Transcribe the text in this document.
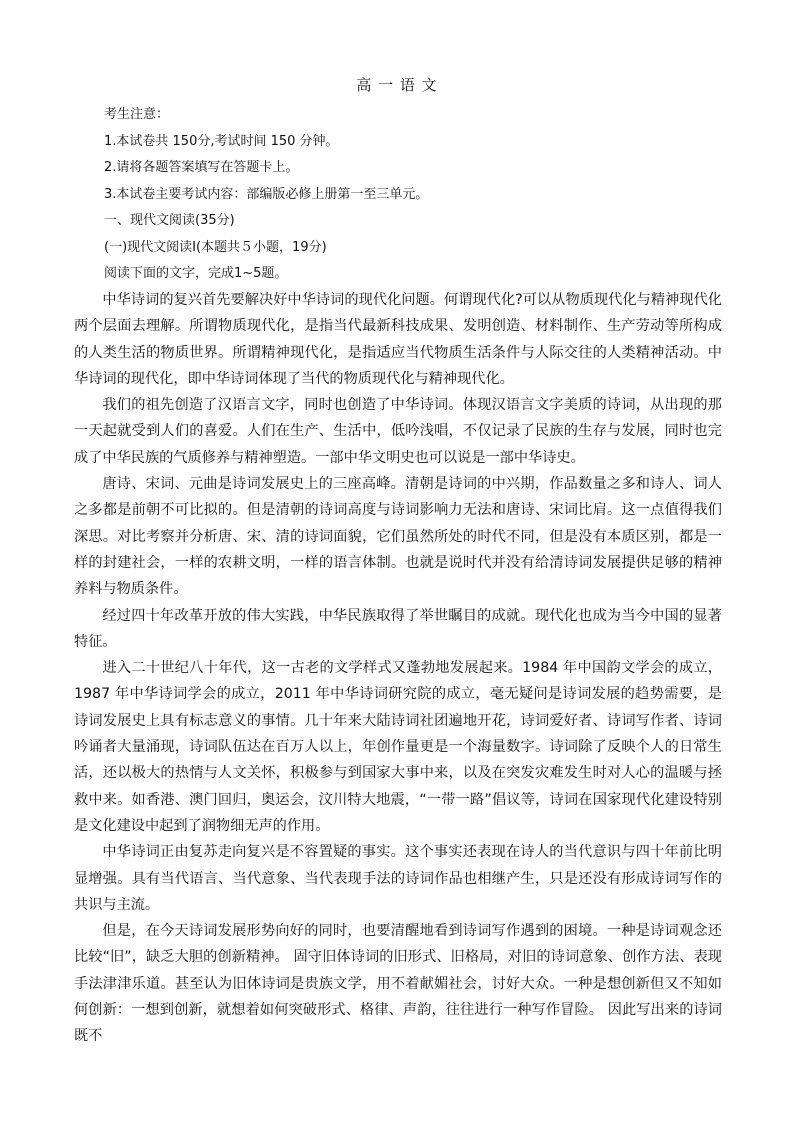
高 一 语 文
考生注意：
1.本试卷共 150分,考试时间 150 分钟。
2.请将各题答案填写在答题卡上。
3.本试卷主要考试内容：部编版必修上册第一至三单元。
一、现代文阅读(35分)
(一)现代文阅读Ⅰ(本题共５小题，19分)
阅读下面的文字，完成1~5题。

中华诗词的复兴首先要解决好中华诗词的现代化问题。何谓现代化?可以从物质现代化与精神现代化两个层面去理解。所谓物质现代化，是指当代最新科技成果、发明创造、材料制作、生产劳动等所构成的人类生活的物质世界。所谓精神现代化，是指适应当代物质生活条件与人际交往的人类精神活动。中华诗词的现代化，即中华诗词体现了当代的物质现代化与精神现代化。

我们的祖先创造了汉语言文字，同时也创造了中华诗词。体现汉语言文字美质的诗词，从出现的那一天起就受到人们的喜爱。人们在生产、生活中，低吟浅唱，不仅记录了民族的生存与发展，同时也完成了中华民族的气质修养与精神塑造。一部中华文明史也可以说是一部中华诗史。

唐诗、宋词、元曲是诗词发展史上的三座高峰。清朝是诗词的中兴期，作品数量之多和诗人、词人之多都是前朝不可比拟的。但是清朝的诗词高度与诗词影响力无法和唐诗、宋词比肩。这一点值得我们深思。对比考察并分析唐、宋、清的诗词面貌，它们虽然所处的时代不同，但是没有本质区别，都是一样的封建社会，一样的农耕文明，一样的语言体制。也就是说时代并没有给清诗词发展提供足够的精神养料与物质条件。

经过四十年改革开放的伟大实践，中华民族取得了举世瞩目的成就。现代化也成为当今中国的显著特征。

进入二十世纪八十年代，这一古老的文学样式又蓬勃地发展起来。1984 年中国韵文学会的成立，1987 年中华诗词学会的成立，2011 年中华诗词研究院的成立，毫无疑问是诗词发展的趋势需要，是诗词发展史上具有标志意义的事情。几十年来大陆诗词社团遍地开花，诗词爱好者、诗词写作者、诗词吟诵者大量涌现，诗词队伍达在百万人以上，年创作量更是一个海量数字。诗词除了反映个人的日常生活，还以极大的热情与人文关怀，积极参与到国家大事中来，以及在突发灾难发生时对人心的温暖与拯救中来。如香港、澳门回归，奥运会，汶川特大地震，“一带一路”倡议等，诗词在国家现代化建设特别是文化建设中起到了润物细无声的作用。

中华诗词正由复苏走向复兴是不容置疑的事实。这个事实还表现在诗人的当代意识与四十年前比明显增强。具有当代语言、当代意象、当代表现手法的诗词作品也相继产生，只是还没有形成诗词写作的共识与主流。

但是，在今天诗词发展形势向好的同时，也要清醒地看到诗词写作遇到的困境。一种是诗词观念还比较“旧”，缺乏大胆的创新精神。 固守旧体诗词的旧形式、旧格局，对旧的诗词意象、创作方法、表现手法津津乐道。甚至认为旧体诗词是贵族文学，用不着献媚社会，讨好大众。一种是想创新但又不知如何创新：一想到创新，就想着如何突破形式、格律、声韵，往往进行一种写作冒险。 因此写出来的诗词既不
